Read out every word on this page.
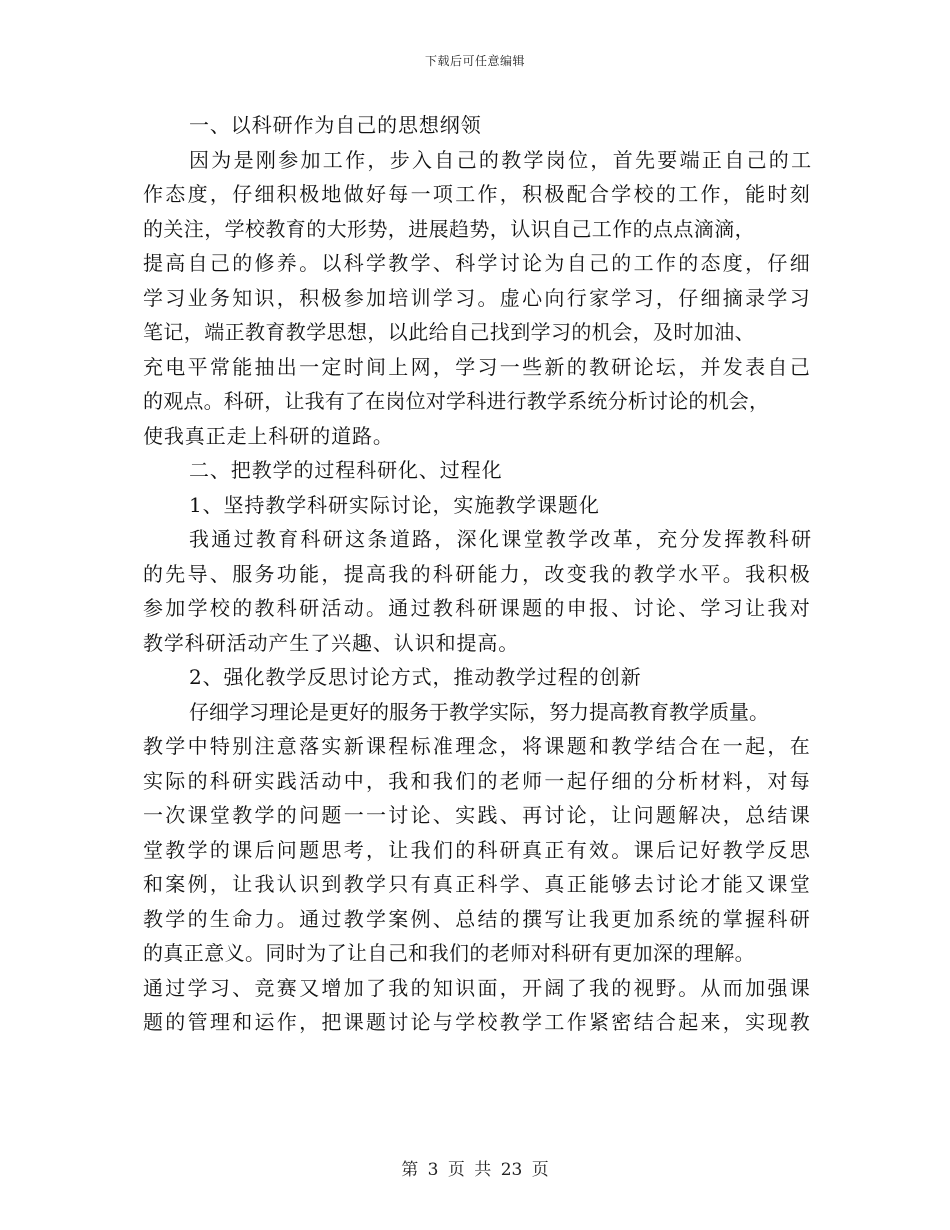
下载后可任意编辑
一、以科研作为自己的思想纲领
因为是刚参加工作，步入自己的教学岗位，首先要端正自己的工
作态度，仔细积极地做好每一项工作，积极配合学校的工作，能时刻
的关注，学校教育的大形势，进展趋势，认识自己工作的点点滴滴，
提高自己的修养。以科学教学、科学讨论为自己的工作的态度，仔细
学习业务知识，积极参加培训学习。虚心向行家学习，仔细摘录学习
笔记，端正教育教学思想，以此给自己找到学习的机会，及时加油、
充电平常能抽出一定时间上网，学习一些新的教研论坛，并发表自己
的观点。科研，让我有了在岗位对学科进行教学系统分析讨论的机会，
使我真正走上科研的道路。
二、把教学的过程科研化、过程化
1、坚持教学科研实际讨论，实施教学课题化
我通过教育科研这条道路，深化课堂教学改革，充分发挥教科研
的先导、服务功能，提高我的科研能力，改变我的教学水平。我积极
参加学校的教科研活动。通过教科研课题的申报、讨论、学习让我对
教学科研活动产生了兴趣、认识和提高。
2、强化教学反思讨论方式，推动教学过程的创新
仔细学习理论是更好的服务于教学实际，努力提高教育教学质量。
教学中特别注意落实新课程标准理念，将课题和教学结合在一起，在
实际的科研实践活动中，我和我们的老师一起仔细的分析材料，对每
一次课堂教学的问题一一讨论、实践、再讨论，让问题解决，总结课
堂教学的课后问题思考，让我们的科研真正有效。课后记好教学反思
和案例，让我认识到教学只有真正科学、真正能够去讨论才能又课堂
教学的生命力。通过教学案例、总结的撰写让我更加系统的掌握科研
的真正意义。同时为了让自己和我们的老师对科研有更加深的理解。
通过学习、竞赛又增加了我的知识面，开阔了我的视野。从而加强课
题的管理和运作，把课题讨论与学校教学工作紧密结合起来，实现教
第 3 页 共 23 页
